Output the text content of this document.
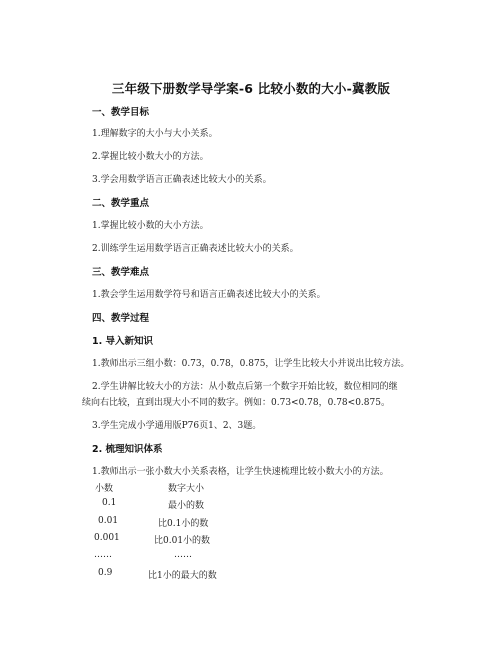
三年级下册数学导学案-6 比较小数的大小-冀教版
一、教学目标
1.理解数字的大小与大小关系。
2.掌握比较小数大小的方法。
3.学会用数学语言正确表述比较大小的关系。
二、教学重点
1.掌握比较小数的大小方法。
2.训练学生运用数学语言正确表述比较大小的关系。
三、教学难点
1.教会学生运用数学符号和语言正确表述比较大小的关系。
四、教学过程
1. 导入新知识
1.教师出示三组小数：0.73，0.78，0.875，让学生比较大小并说出比较方法。
2.学生讲解比较大小的方法：从小数点后第一个数字开始比较，数位相同的继
续向右比较，直到出现大小不同的数字。例如：0.73<0.78，0.78<0.875。
3.学生完成小学通用版P76页1、2、3题。
2. 梳理知识体系
1.教师出示一张小数大小关系表格，让学生快速梳理比较小数大小的方法。
小数	数字大小
0.1	最小的数
0.01	比0.1小的数
0.001	比0.01小的数
……	……
0.9	比1小的最大的数
